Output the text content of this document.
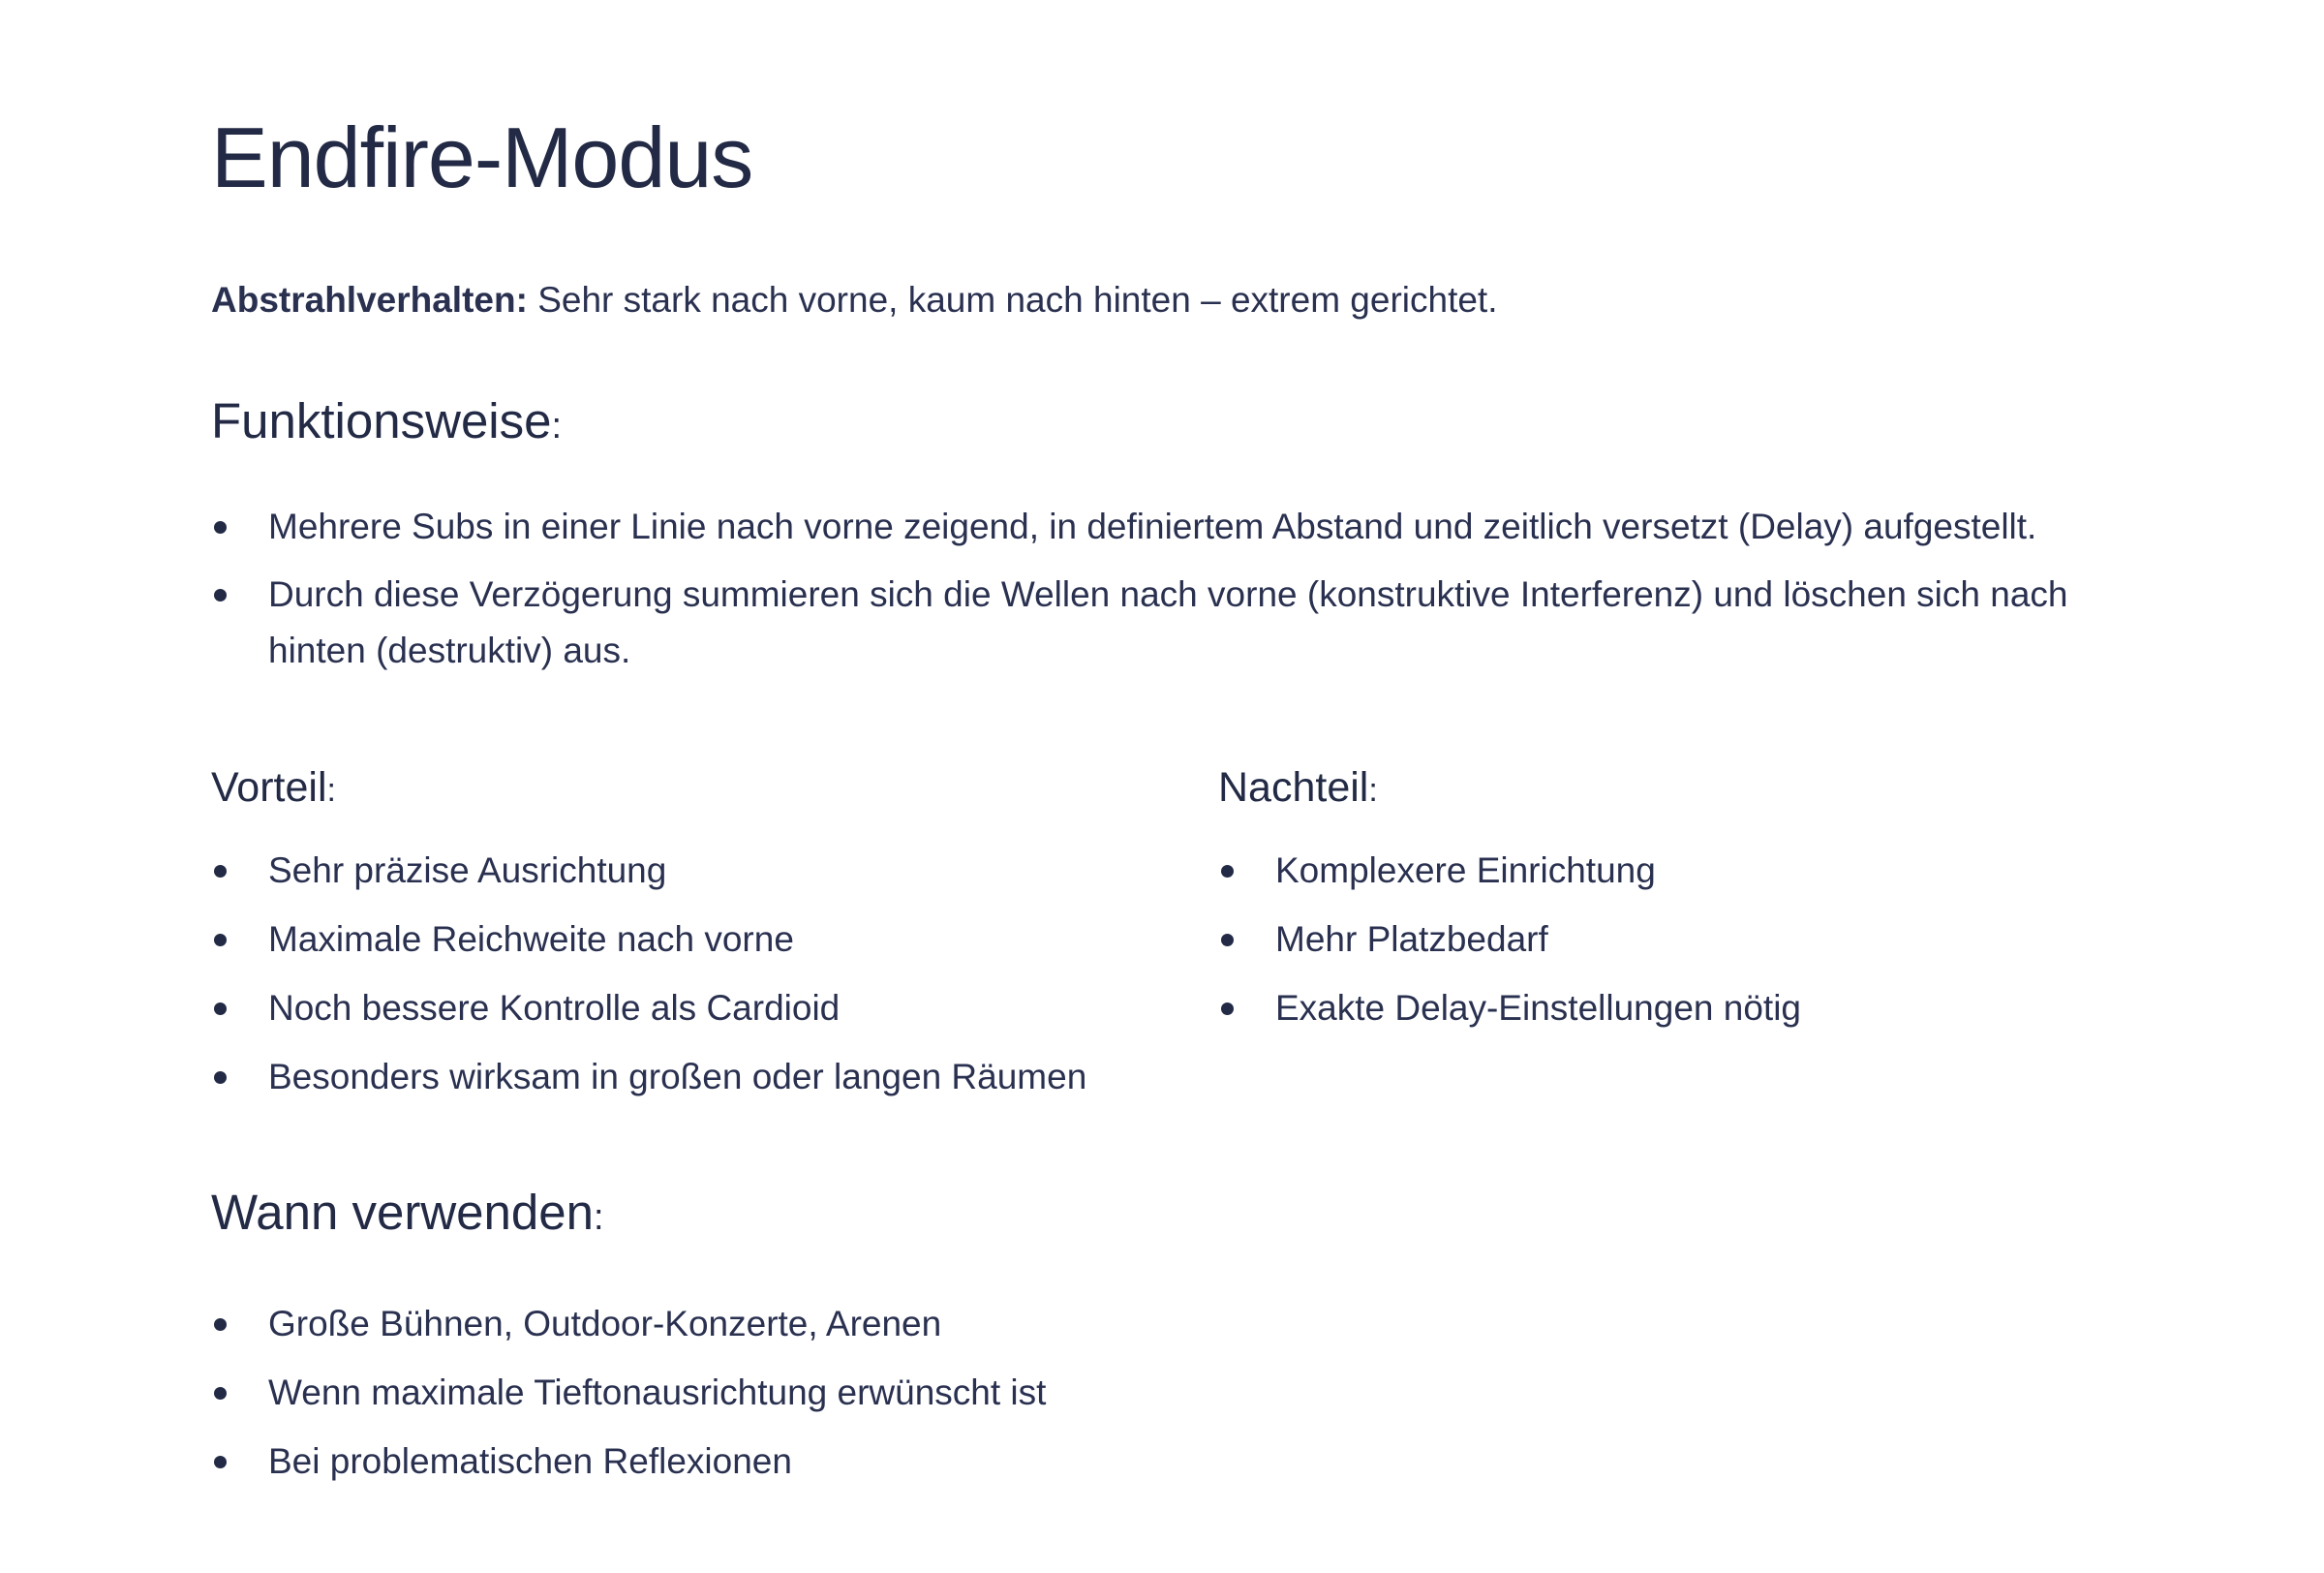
Endfire-Modus

Abstrahlverhalten: Sehr stark nach vorne, kaum nach hinten – extrem gerichtet.

Funktionsweise:
Mehrere Subs in einer Linie nach vorne zeigend, in definiertem Abstand und zeitlich versetzt (Delay) aufgestellt.
Durch diese Verzögerung summieren sich die Wellen nach vorne (konstruktive Interferenz) und löschen sich nach hinten (destruktiv) aus.
Vorteil:
Sehr präzise Ausrichtung
Maximale Reichweite nach vorne
Noch bessere Kontrolle als Cardioid
Besonders wirksam in großen oder langen Räumen
Nachteil:
Komplexere Einrichtung
Mehr Platzbedarf
Exakte Delay-Einstellungen nötig
Wann verwenden:
Große Bühnen, Outdoor-Konzerte, Arenen
Wenn maximale Tieftonausrichtung erwünscht ist
Bei problematischen Reflexionen
